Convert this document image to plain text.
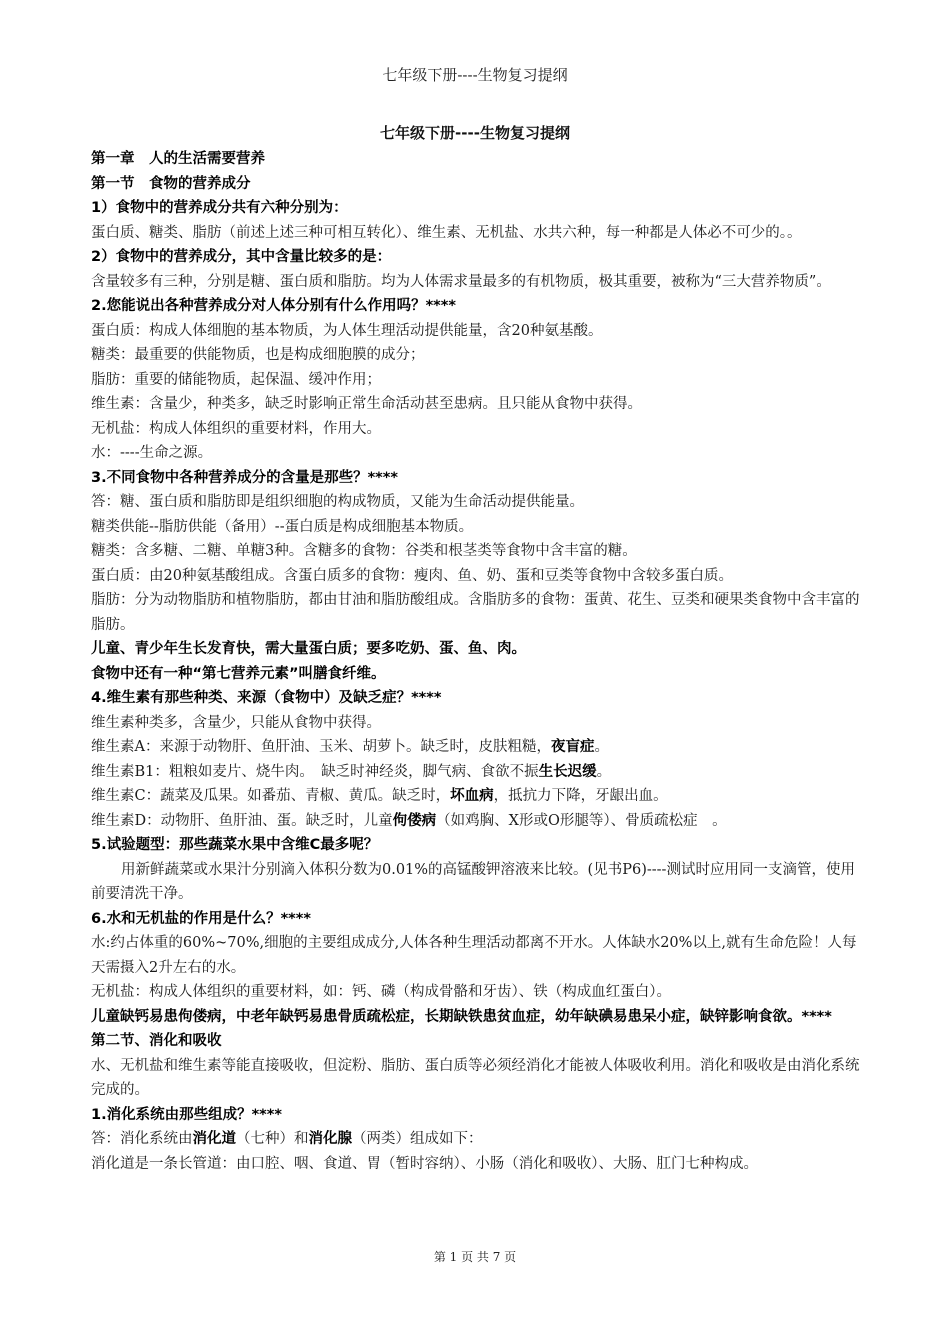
七年级下册----生物复习提纲
七年级下册----生物复习提纲

第一章　人的生活需要营养

第一节　食物的营养成分

1）食物中的营养成分共有六种分别为：

蛋白质、糖类、脂肪（前述上述三种可相互转化）、维生素、无机盐、水共六种，每一种都是人体必不可少的。。

2）食物中的营养成分，其中含量比较多的是：

含量较多有三种，分别是糖、蛋白质和脂肪。均为人体需求量最多的有机物质，极其重要，被称为“三大营养物质”。

2.您能说出各种营养成分对人体分别有什么作用吗？****

蛋白质：构成人体细胞的基本物质，为人体生理活动提供能量，含20种氨基酸。

糖类：最重要的供能物质，也是构成细胞膜的成分；

脂肪：重要的储能物质，起保温、缓冲作用；

维生素：含量少，种类多，缺乏时影响正常生命活动甚至患病。且只能从食物中获得。

无机盐：构成人体组织的重要材料，作用大。

水：----生命之源。

3.不同食物中各种营养成分的含量是那些？****

答：糖、蛋白质和脂肪即是组织细胞的构成物质，又能为生命活动提供能量。

糖类供能--脂肪供能（备用）--蛋白质是构成细胞基本物质。

糖类：含多糖、二糖、单糖3种。含糖多的食物：谷类和根茎类等食物中含丰富的糖。

蛋白质：由20种氨基酸组成。含蛋白质多的食物：瘦肉、鱼、奶、蛋和豆类等食物中含较多蛋白质。

脂肪：分为动物脂肪和植物脂肪，都由甘油和脂肪酸组成。含脂肪多的食物：蛋黄、花生、豆类和硬果类食物中含丰富的脂肪。

儿童、青少年生长发育快，需大量蛋白质；要多吃奶、蛋、鱼、肉。

食物中还有一种“第七营养元素”叫膳食纤维。

4.维生素有那些种类、来源（食物中）及缺乏症？****

维生素种类多，含量少，只能从食物中获得。

维生素A：来源于动物肝、鱼肝油、玉米、胡萝卜。缺乏时，皮肤粗糙，夜盲症。

维生素B1：粗粮如麦片、烧牛肉。　缺乏时神经炎，脚气病、食欲不振生长迟缓。

维生素C：蔬菜及瓜果。如番茄、青椒、黄瓜。缺乏时，坏血病，抵抗力下降，牙龈出血。

维生素D：动物肝、鱼肝油、蛋。缺乏时，儿童佝偻病（如鸡胸、X形或O形腿等）、骨质疏松症　。

5.试验题型：那些蔬菜水果中含维C最多呢？

用新鲜蔬菜或水果汁分别滴入体积分数为0.01%的高锰酸钾溶液来比较。(见书P6)----测试时应用同一支滴管，使用前要清洗干净。

6.水和无机盐的作用是什么？****

水:约占体重的60%~70%,细胞的主要组成成分,人体各种生理活动都离不开水。人体缺水20%以上,就有生命危险！人每天需摄入2升左右的水。

无机盐：构成人体组织的重要材料，如：钙、磷（构成骨骼和牙齿）、铁（构成血红蛋白）。

儿童缺钙易患佝偻病，中老年缺钙易患骨质疏松症，长期缺铁患贫血症，幼年缺碘易患呆小症，缺锌影响食欲。****

第二节、消化和吸收

水、无机盐和维生素等能直接吸收，但淀粉、脂肪、蛋白质等必须经消化才能被人体吸收利用。消化和吸收是由消化系统完成的。

1.消化系统由那些组成？****

答：消化系统由消化道（七种）和消化腺（两类）组成如下：

消化道是一条长管道：由口腔、咽、食道、胃（暂时容纳）、小肠（消化和吸收）、大肠、肛门七种构成。

第 1 页 共 7 页
